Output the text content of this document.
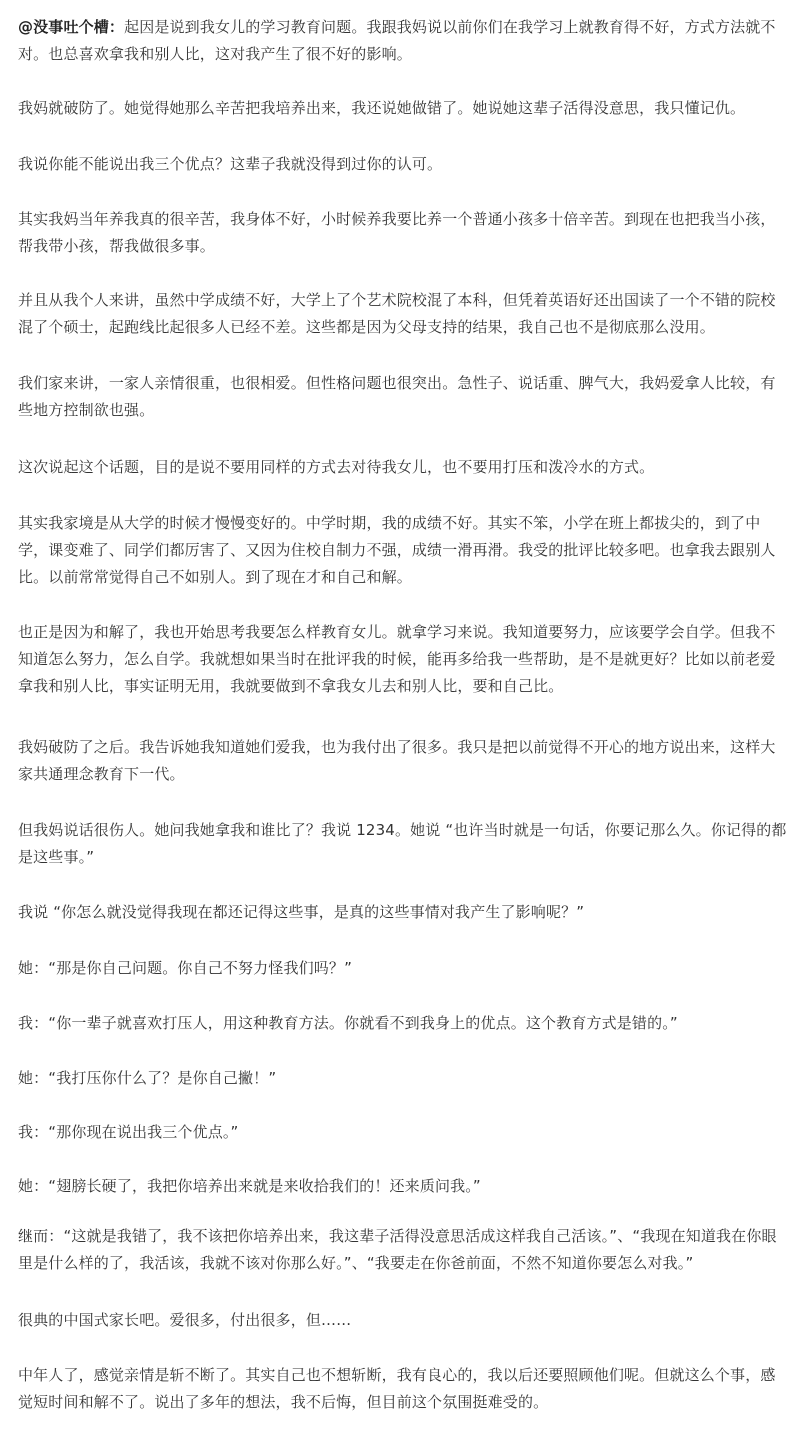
@没事吐个槽：起因是说到我女儿的学习教育问题。我跟我妈说以前你们在我学习上就教育得不好，方式方法就不对。也总喜欢拿我和别人比，这对我产生了很不好的影响。

我妈就破防了。她觉得她那么辛苦把我培养出来，我还说她做错了。她说她这辈子活得没意思，我只懂记仇。

我说你能不能说出我三个优点？这辈子我就没得到过你的认可。

其实我妈当年养我真的很辛苦，我身体不好，小时候养我要比养一个普通小孩多十倍辛苦。到现在也把我当小孩，帮我带小孩，帮我做很多事。

并且从我个人来讲，虽然中学成绩不好，大学上了个艺术院校混了本科，但凭着英语好还出国读了一个不错的院校混了个硕士，起跑线比起很多人已经不差。这些都是因为父母支持的结果，我自己也不是彻底那么没用。

我们家来讲，一家人亲情很重，也很相爱。但性格问题也很突出。急性子、说话重、脾气大，我妈爱拿人比较，有些地方控制欲也强。

这次说起这个话题，目的是说不要用同样的方式去对待我女儿，也不要用打压和泼冷水的方式。

其实我家境是从大学的时候才慢慢变好的。中学时期，我的成绩不好。其实不笨，小学在班上都拔尖的，到了中学，课变难了、同学们都厉害了、又因为住校自制力不强，成绩一滑再滑。我受的批评比较多吧。也拿我去跟别人比。以前常常觉得自己不如别人。到了现在才和自己和解。

也正是因为和解了，我也开始思考我要怎么样教育女儿。就拿学习来说。我知道要努力，应该要学会自学。但我不知道怎么努力，怎么自学。我就想如果当时在批评我的时候，能再多给我一些帮助，是不是就更好？比如以前老爱拿我和别人比，事实证明无用，我就要做到不拿我女儿去和别人比，要和自己比。

我妈破防了之后。我告诉她我知道她们爱我，也为我付出了很多。我只是把以前觉得不开心的地方说出来，这样大家共通理念教育下一代。

但我妈说话很伤人。她问我她拿我和谁比了？我说 1234。她说 “也许当时就是一句话，你要记那么久。你记得的都是这些事。”

我说 “你怎么就没觉得我现在都还记得这些事，是真的这些事情对我产生了影响呢？”

她：“那是你自己问题。你自己不努力怪我们吗？”

我：“你一辈子就喜欢打压人，用这种教育方法。你就看不到我身上的优点。这个教育方式是错的。”

她：“我打压你什么了？是你自己撇！”

我：“那你现在说出我三个优点。”

她：“翅膀长硬了，我把你培养出来就是来收拾我们的！还来质问我。”

继而：“这就是我错了，我不该把你培养出来，我这辈子活得没意思活成这样我自己活该。”、“我现在知道我在你眼里是什么样的了，我活该，我就不该对你那么好。”、“我要走在你爸前面，不然不知道你要怎么对我。”

很典的中国式家长吧。爱很多，付出很多，但……

中年人了，感觉亲情是斩不断了。其实自己也不想斩断，我有良心的，我以后还要照顾他们呢。但就这么个事，感觉短时间和解不了。说出了多年的想法，我不后悔，但目前这个氛围挺难受的。
